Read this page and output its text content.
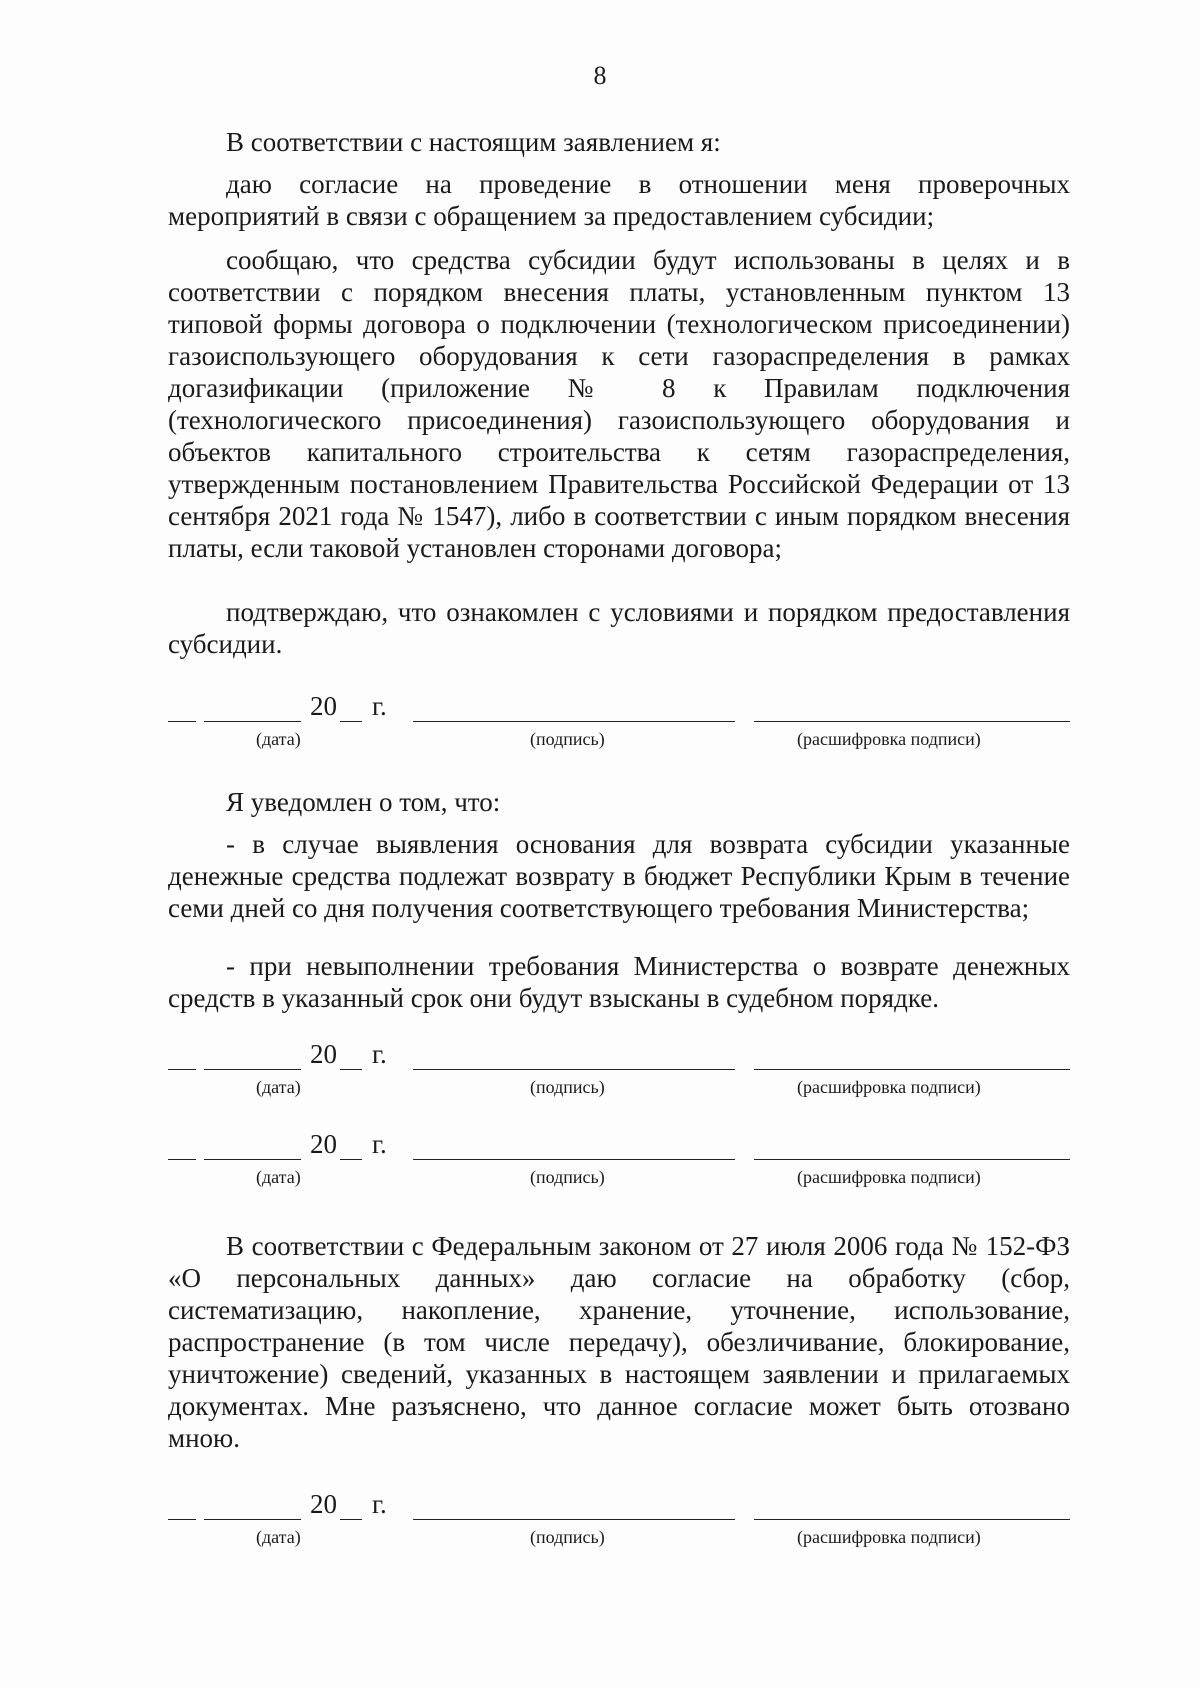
8
В соответствии с настоящим заявлением я:
даю согласие на проведение в отношении меня проверочных мероприятий в связи с обращением за предоставлением субсидии;
сообщаю, что средства субсидии будут использованы в целях и в соответствии с порядком внесения платы, установленным пунктом 13 типовой формы договора о подключении (технологическом присоединении) газоиспользующего оборудования к сети газораспределения в рамках догазификации (приложение № 8 к Правилам подключения (технологического присоединения) газоиспользующего оборудования и объектов капитального строительства к сетям газораспределения, утвержденным постановлением Правительства Российской Федерации от 13 сентября 2021 года № 1547), либо в соответствии с иным порядком внесения платы, если таковой установлен сторонами договора;
подтверждаю, что ознакомлен с условиями и порядком предоставления субсидии.
20 г.
(дата)	(подпись)	(расшифровка подписи)
Я уведомлен о том, что:
- в случае выявления основания для возврата субсидии указанные денежные средства подлежат возврату в бюджет Республики Крым в течение семи дней со дня получения соответствующего требования Министерства;
- при невыполнении требования Министерства о возврате денежных средств в указанный срок они будут взысканы в судебном порядке.
20 г.
(дата)	(подпись)	(расшифровка подписи)
20 г.
(дата)	(подпись)	(расшифровка подписи)
В соответствии с Федеральным законом от 27 июля 2006 года № 152-ФЗ «О персональных данных» даю согласие на обработку (сбор, систематизацию, накопление, хранение, уточнение, использование, распространение (в том числе передачу), обезличивание, блокирование, уничтожение) сведений, указанных в настоящем заявлении и прилагаемых документах. Мне разъяснено, что данное согласие может быть отозвано мною.
20 г.
(дата)	(подпись)	(расшифровка подписи)
